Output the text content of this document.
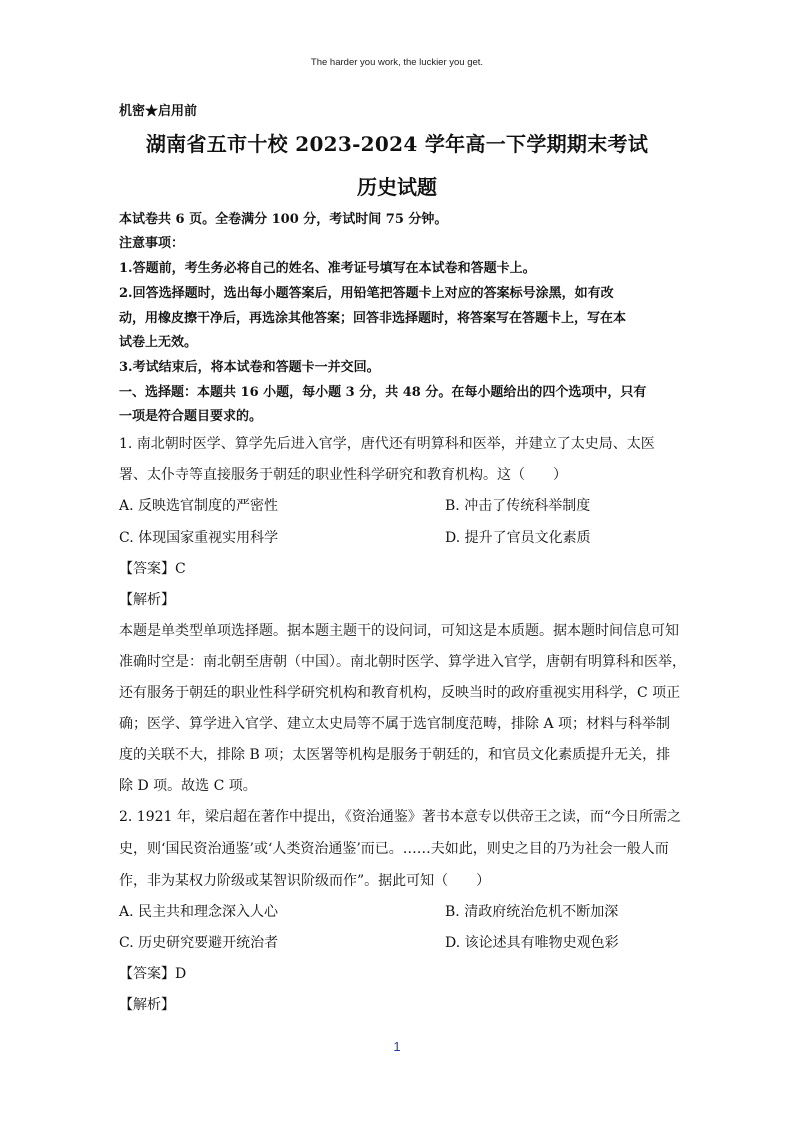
The harder you work, the luckier you get.
机密★启用前
湖南省五市十校 2023-2024 学年高一下学期期末考试
历史试题
本试卷共 6 页。全卷满分 100 分，考试时间 75 分钟。
注意事项：
1.答题前，考生务必将自己的姓名、准考证号填写在本试卷和答题卡上。
2.回答选择题时，选出每小题答案后，用铅笔把答题卡上对应的答案标号涂黑，如有改
动，用橡皮擦干净后，再选涂其他答案；回答非选择题时，将答案写在答题卡上，写在本
试卷上无效。
3.考试结束后，将本试卷和答题卡一并交回。
一、选择题：本题共 16 小题，每小题 3 分，共 48 分。在每小题给出的四个选项中，只有
一项是符合题目要求的。
1. 南北朝时医学、算学先后进入官学，唐代还有明算科和医举，并建立了太史局、太医
署、太仆寺等直接服务于朝廷的职业性科学研究和教育机构。这（　　）
A. 反映选官制度的严密性	B. 冲击了传统科举制度
C. 体现国家重视实用科学	D. 提升了官员文化素质
【答案】C
【解析】
本题是单类型单项选择题。据本题主题干的设问词，可知这是本质题。据本题时间信息可知
准确时空是：南北朝至唐朝（中国）。南北朝时医学、算学进入官学，唐朝有明算科和医举，
还有服务于朝廷的职业性科学研究机构和教育机构，反映当时的政府重视实用科学，C 项正
确；医学、算学进入官学、建立太史局等不属于选官制度范畴，排除 A 项；材料与科举制
度的关联不大，排除 B 项；太医署等机构是服务于朝廷的，和官员文化素质提升无关，排
除 D 项。故选 C 项。
2. 1921 年，梁启超在著作中提出，《资治通鉴》著书本意专以供帝王之读，而“今日所需之
史，则‘国民资治通鉴’或‘人类资治通鉴’而已。……夫如此，则史之目的乃为社会一般人而
作，非为某权力阶级或某智识阶级而作”。据此可知（　　）
A. 民主共和理念深入人心	B. 清政府统治危机不断加深
C. 历史研究要避开统治者	D. 该论述具有唯物史观色彩
【答案】D
【解析】
1
